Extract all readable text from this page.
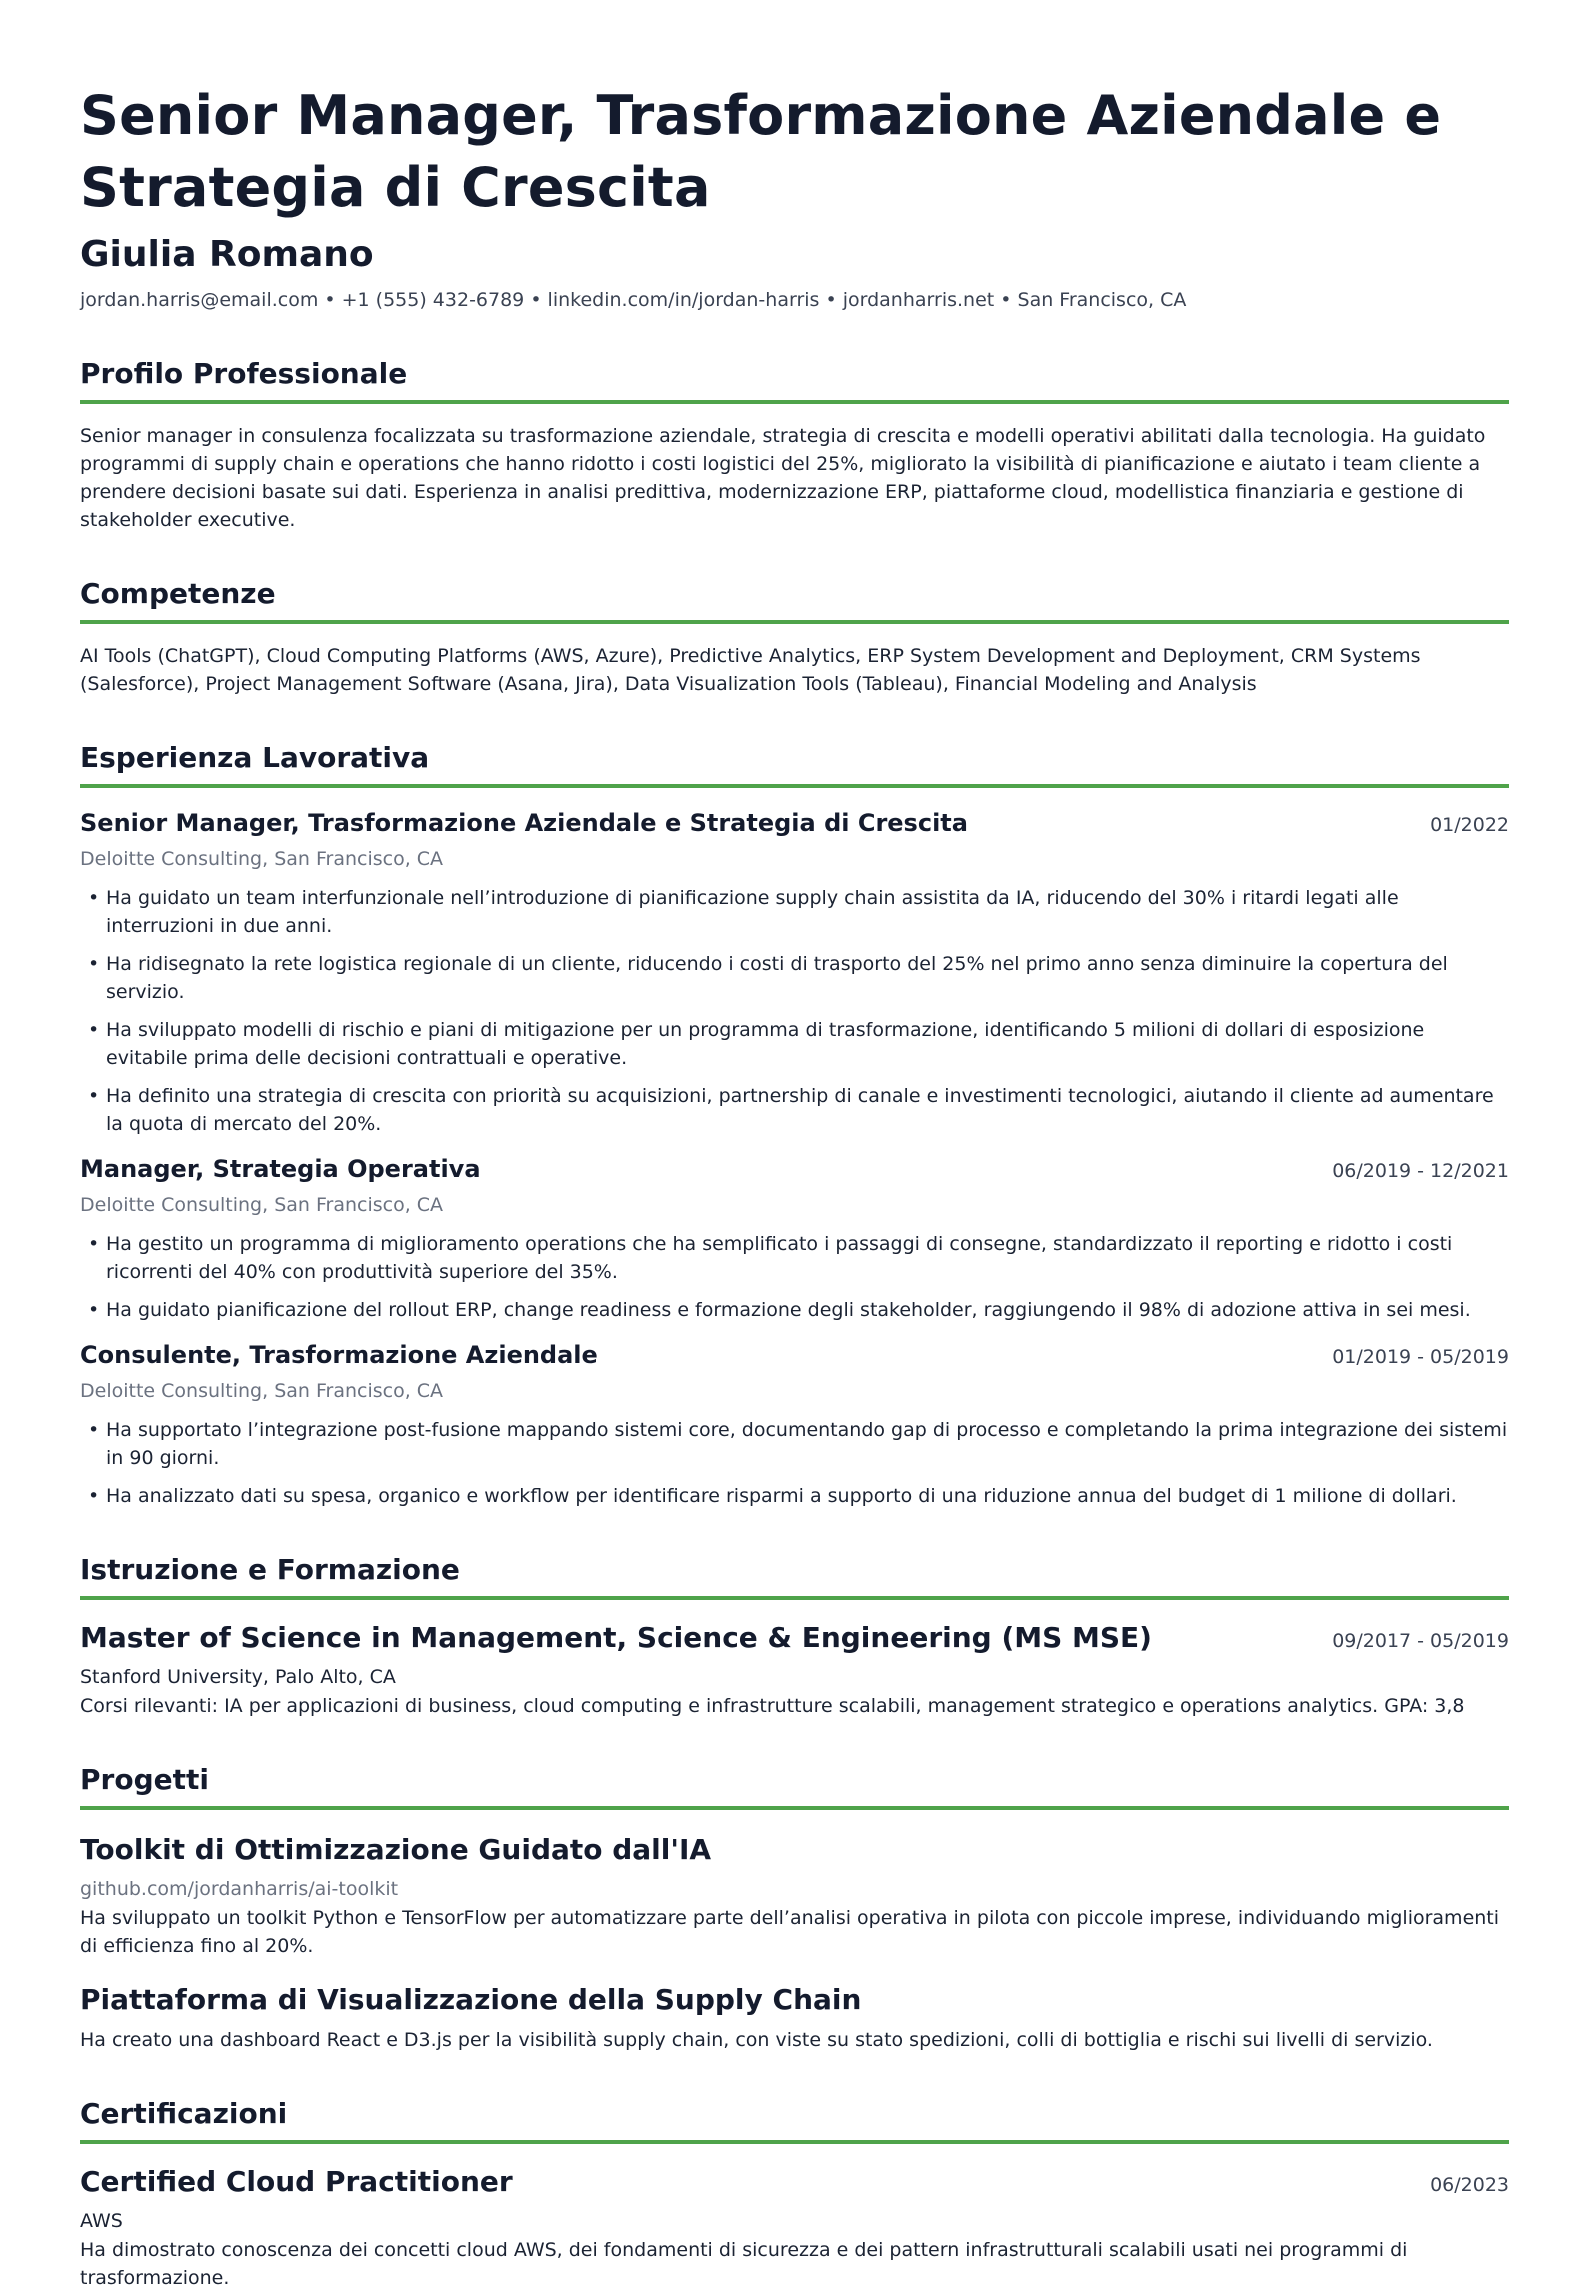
Senior Manager, Trasformazione Aziendale e Strategia di Crescita
Giulia Romano
jordan.harris@email.com • +1 (555) 432-6789 • linkedin.com/in/jordan-harris • jordanharris.net • San Francisco, CA
Profilo Professionale
Senior manager in consulenza focalizzata su trasformazione aziendale, strategia di crescita e modelli operativi abilitati dalla tecnologia. Ha guidato programmi di supply chain e operations che hanno ridotto i costi logistici del 25%, migliorato la visibilità di pianificazione e aiutato i team cliente a prendere decisioni basate sui dati. Esperienza in analisi predittiva, modernizzazione ERP, piattaforme cloud, modellistica finanziaria e gestione di stakeholder executive.
Competenze
AI Tools (ChatGPT), Cloud Computing Platforms (AWS, Azure), Predictive Analytics, ERP System Development and Deployment, CRM Systems (Salesforce), Project Management Software (Asana, Jira), Data Visualization Tools (Tableau), Financial Modeling and Analysis
Esperienza Lavorativa
Senior Manager, Trasformazione Aziendale e Strategia di Crescita	01/2022
Deloitte Consulting, San Francisco, CA
• Ha guidato un team interfunzionale nell’introduzione di pianificazione supply chain assistita da IA, riducendo del 30% i ritardi legati alle interruzioni in due anni.
• Ha ridisegnato la rete logistica regionale di un cliente, riducendo i costi di trasporto del 25% nel primo anno senza diminuire la copertura del servizio.
• Ha sviluppato modelli di rischio e piani di mitigazione per un programma di trasformazione, identificando 5 milioni di dollari di esposizione evitabile prima delle decisioni contrattuali e operative.
• Ha definito una strategia di crescita con priorità su acquisizioni, partnership di canale e investimenti tecnologici, aiutando il cliente ad aumentare la quota di mercato del 20%.
Manager, Strategia Operativa	06/2019 - 12/2021
Deloitte Consulting, San Francisco, CA
• Ha gestito un programma di miglioramento operations che ha semplificato i passaggi di consegne, standardizzato il reporting e ridotto i costi ricorrenti del 40% con produttività superiore del 35%.
• Ha guidato pianificazione del rollout ERP, change readiness e formazione degli stakeholder, raggiungendo il 98% di adozione attiva in sei mesi.
Consulente, Trasformazione Aziendale	01/2019 - 05/2019
Deloitte Consulting, San Francisco, CA
• Ha supportato l’integrazione post-fusione mappando sistemi core, documentando gap di processo e completando la prima integrazione dei sistemi in 90 giorni.
• Ha analizzato dati su spesa, organico e workflow per identificare risparmi a supporto di una riduzione annua del budget di 1 milione di dollari.
Istruzione e Formazione
Master of Science in Management, Science & Engineering (MS MSE)	09/2017 - 05/2019
Stanford University, Palo Alto, CA
Corsi rilevanti: IA per applicazioni di business, cloud computing e infrastrutture scalabili, management strategico e operations analytics. GPA: 3,8
Progetti
Toolkit di Ottimizzazione Guidato dall'IA
github.com/jordanharris/ai-toolkit
Ha sviluppato un toolkit Python e TensorFlow per automatizzare parte dell’analisi operativa in pilota con piccole imprese, individuando miglioramenti di efficienza fino al 20%.
Piattaforma di Visualizzazione della Supply Chain
Ha creato una dashboard React e D3.js per la visibilità supply chain, con viste su stato spedizioni, colli di bottiglia e rischi sui livelli di servizio.
Certificazioni
Certified Cloud Practitioner	06/2023
AWS
Ha dimostrato conoscenza dei concetti cloud AWS, dei fondamenti di sicurezza e dei pattern infrastrutturali scalabili usati nei programmi di trasformazione.
